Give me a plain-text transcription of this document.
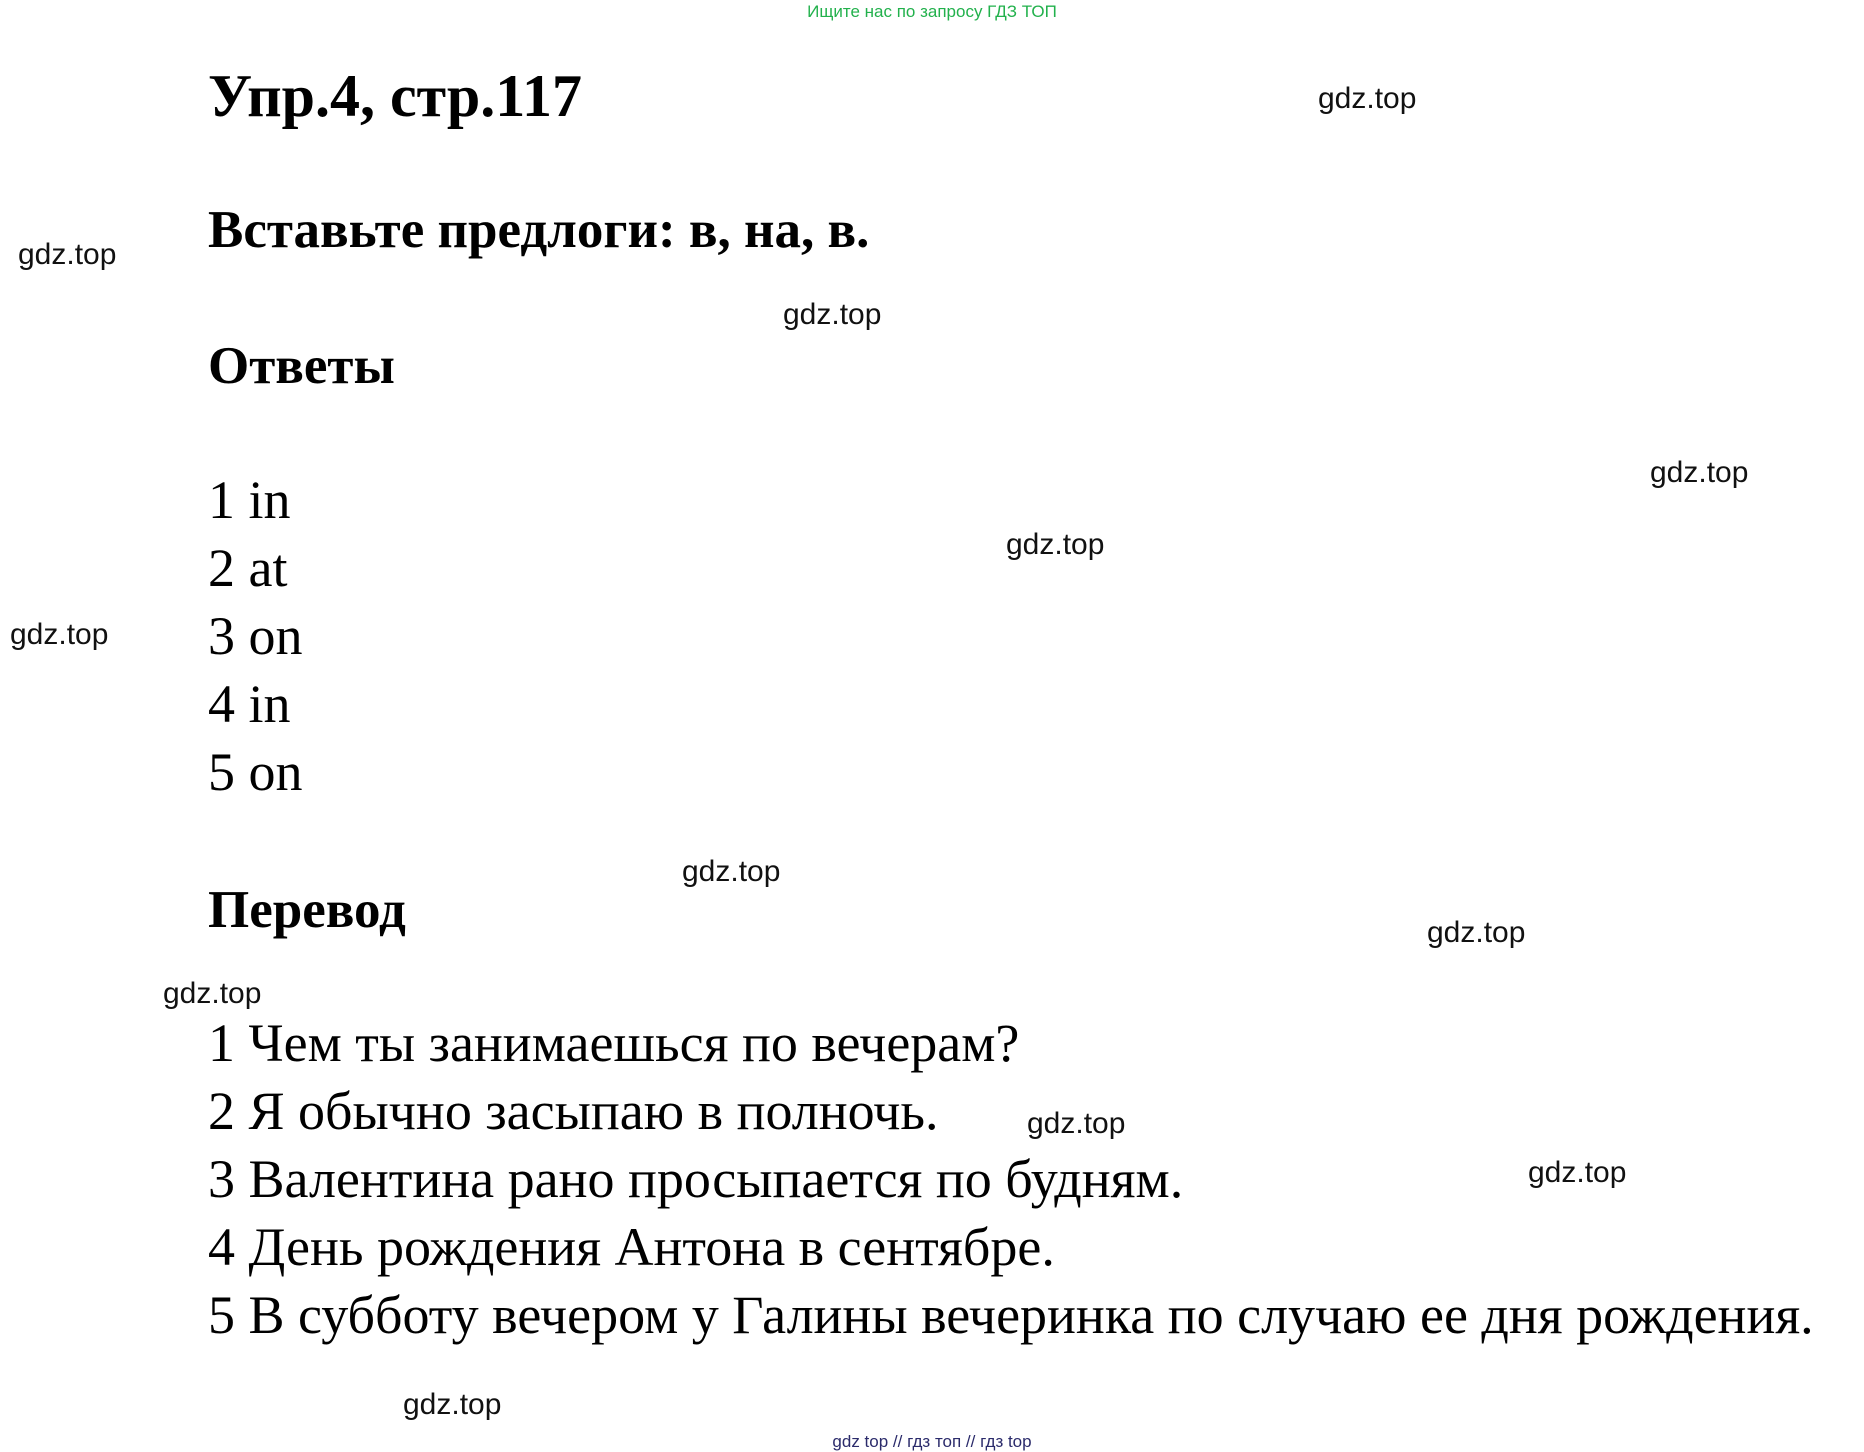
Ищите нас по запросу ГДЗ ТОП
Упр.4, стр.117
Вставьте предлоги: в, на, в.
Ответы
1 in
2 at
3 on
4 in
5 on
Перевод
1 Чем ты занимаешься по вечерам?
2 Я обычно засыпаю в полночь.
3 Валентина рано просыпается по будням.
4 День рождения Антона в сентябре.
5 В субботу вечером у Галины вечеринка по случаю ее дня рождения.
gdz.top
gdz.top
gdz.top
gdz.top
gdz.top
gdz.top
gdz.top
gdz.top
gdz.top
gdz.top
gdz.top
gdz.top
gdz top // гдз топ // гдз top
